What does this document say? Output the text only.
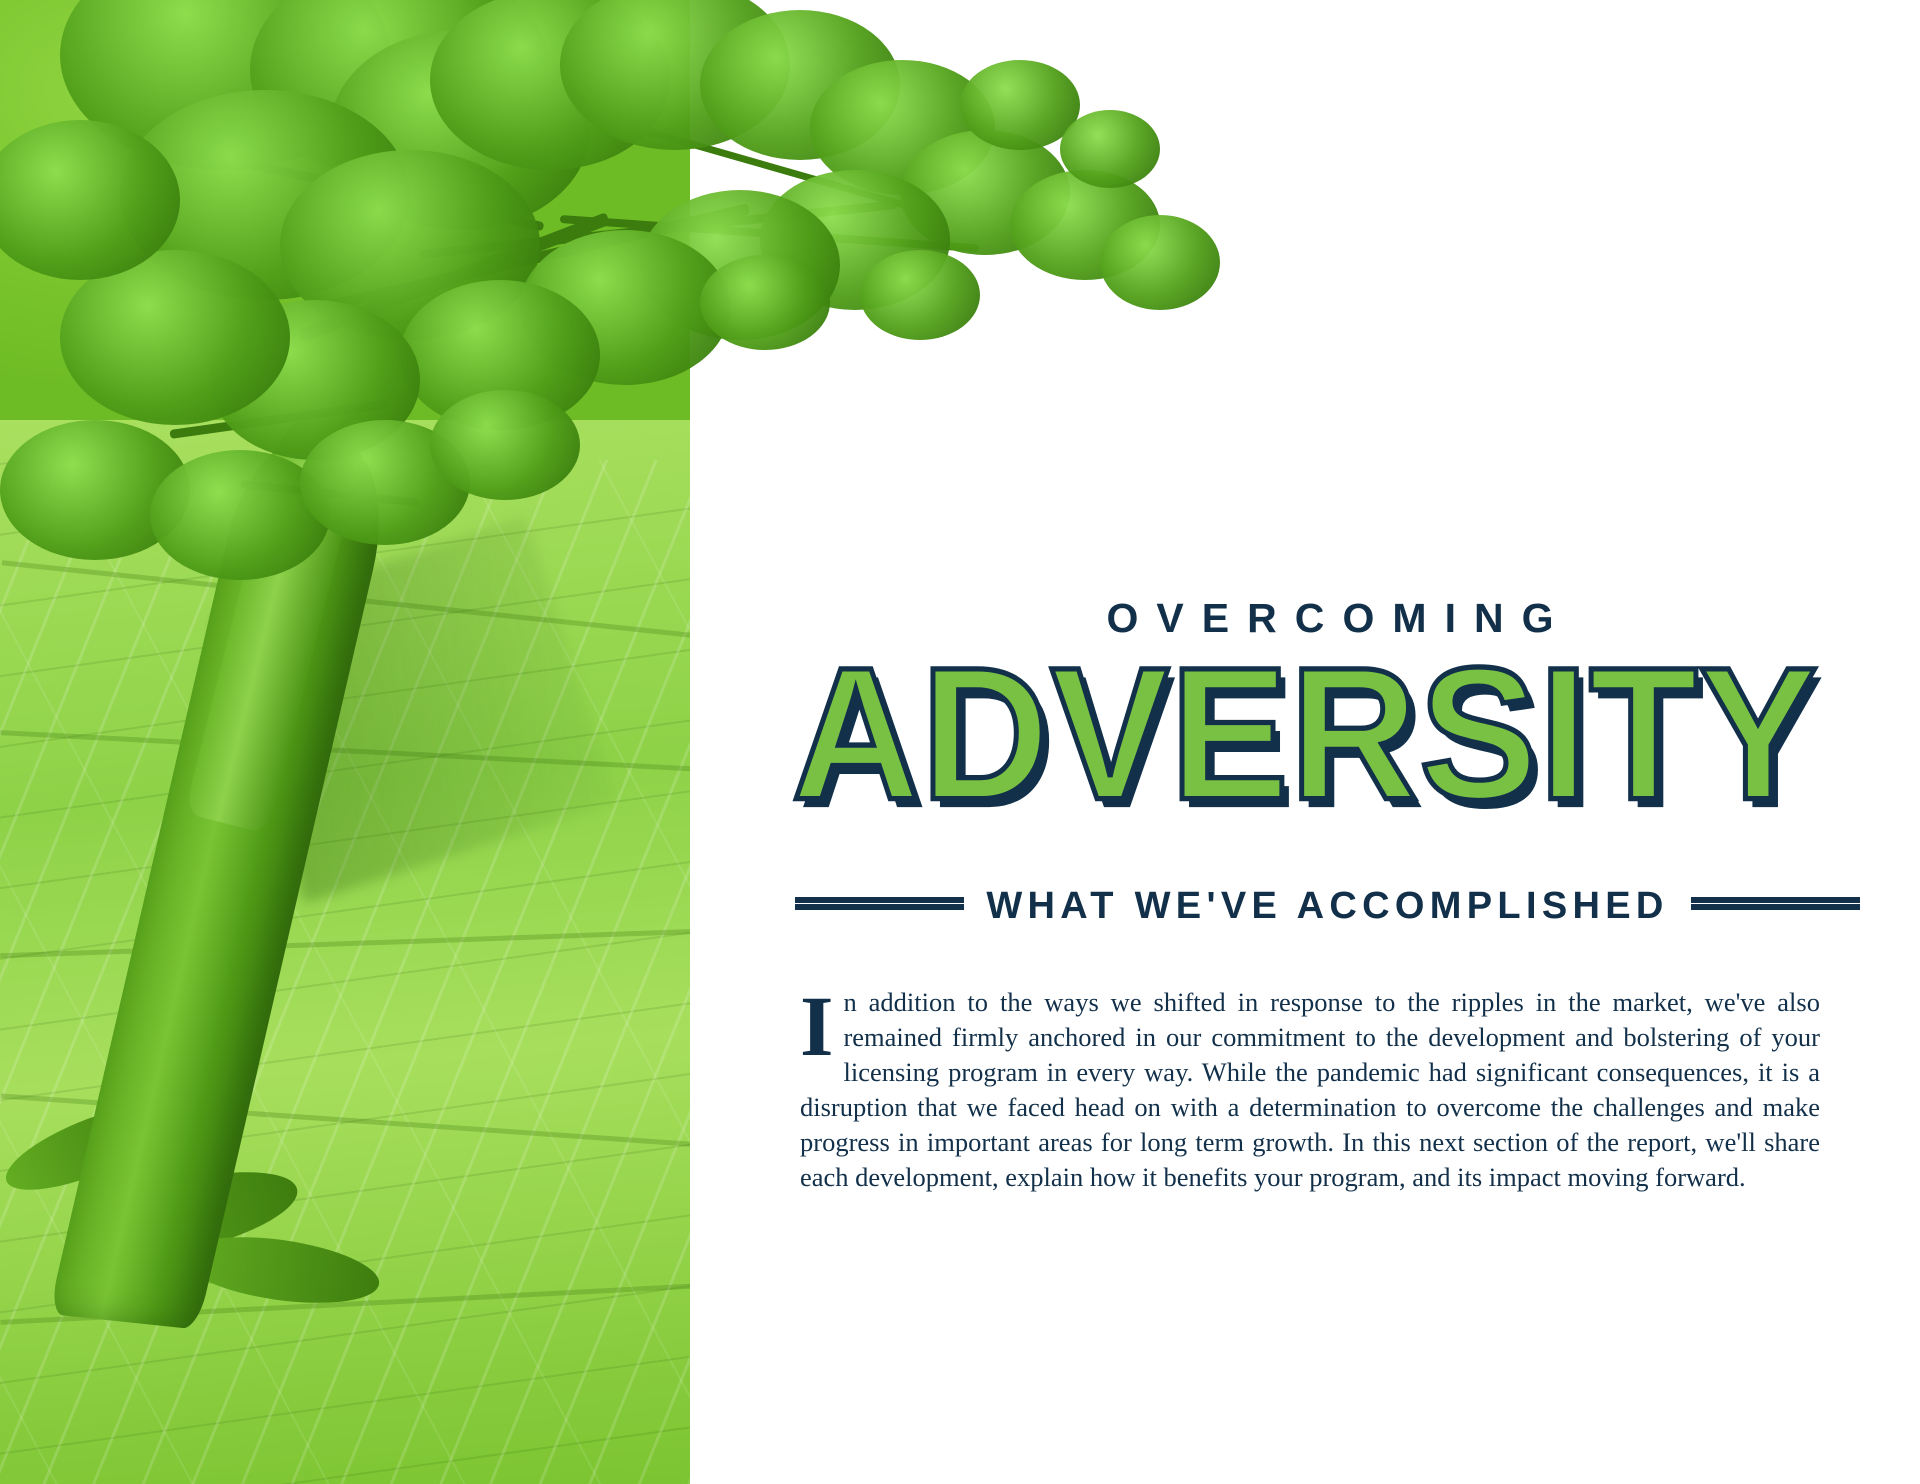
OVERCOMING
ADVERSITY
WHAT WE'VE ACCOMPLISHED
In addition to the ways we shifted in response to the ripples in the market, we've also remained firmly anchored in our commitment to the development and bolstering of your licensing program in every way. While the pandemic had significant consequences, it is a disruption that we faced head on with a determination to overcome the challenges and make progress in important areas for long term growth. In this next section of the report, we'll share each development, explain how it benefits your program, and its impact moving forward.
